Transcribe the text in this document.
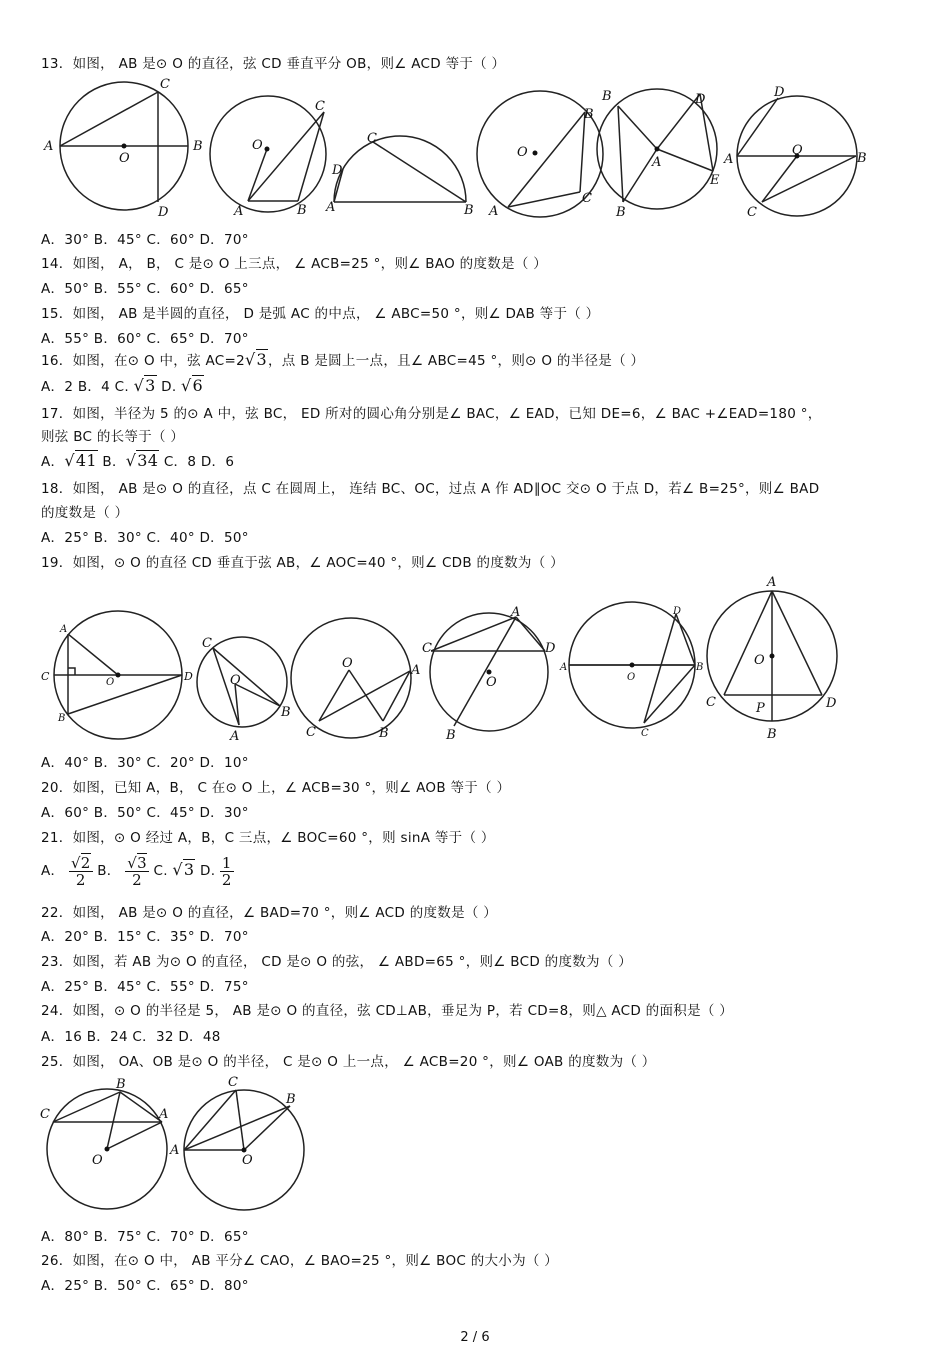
13．如图， AB 是⊙ O 的直径，弦 CD 垂直平分 OB，则∠ ACD 等于（ ）
A
O
B
C
D
O
A	B
C
A	B
C
D
O
A
B
C
B
A
B
D
E
A
O
B
D
C
A．30° B．45° C．60° D．70°
14．如图， A， B， C 是⊙ O 上三点， ∠ ACB=25 °，则∠ BAO 的度数是（ ）
A．50° B．55° C．60° D．65°
15．如图， AB 是半圆的直径， D 是弧 AC 的中点， ∠ ABC=50 °，则∠ DAB 等于（ ）
A．55° B．60° C．65° D．70°
16．如图，在⊙ O 中，弦 AC=2√3，点 B 是圆上一点，且∠ ABC=45 °，则⊙ O 的半径是（ ）
A．2 B．4 C. √3 D. √6
17．如图，半径为 5 的⊙ A 中，弦 BC， ED 所对的圆心角分别是∠ BAC，∠ EAD，已知 DE=6，∠ BAC +∠EAD=180 °，
则弦 BC 的长等于（ ）
A．√41 B．√34 C．8 D．6
18．如图， AB 是⊙ O 的直径，点 C 在圆周上， 连结 BC、OC，过点 A 作 AD∥OC 交⊙ O 于点 D，若∠ B=25°，则∠ BAD
的度数是（ ）
A．25° B．30° C．40° D．50°
19．如图，⊙ O 的直径 CD 垂直于弦 AB，∠ AOC=40 °，则∠ CDB 的度数为（ ）
A
C	O	D
B
C
O
B
A
O	A
C	B
C
A
D
O
B
A
O
B
D
C
A
O
C	D
P
B
A．40° B．30° C．20° D．10°
20．如图，已知 A，B， C 在⊙ O 上，∠ ACB=30 °，则∠ AOB 等于（ ）
A．60° B．50° C．45° D．30°
21．如图，⊙ O 经过 A，B，C 三点，∠ BOC=60 °，则 sinA 等于（ ）
A． $\frac{√2}{2}$ B． $\frac{√3}{2} C$. √3 D. $\frac{1}{2}$
22．如图， AB 是⊙ O 的直径，∠ BAD=70 °，则∠ ACD 的度数是（ ）
A．20° B．15° C．35° D．70°
23．如图，若 AB 为⊙ O 的直径， CD 是⊙ O 的弦， ∠ ABD=65 °，则∠ BCD 的度数为（ ）
A．25° B．45° C．55° D．75°
24．如图，⊙ O 的半径是 5， AB 是⊙ O 的直径，弦 CD⊥AB，垂足为 P，若 CD=8，则△ ACD 的面积是（ ）
A．16 B．24 C．32 D．48
25．如图， OA、OB 是⊙ O 的半径， C 是⊙ O 上一点， ∠ ACB=20 °，则∠ OAB 的度数为（ ）
C
B
A
O
A
C
B
O
A．80° B．75° C．70° D．65°
26．如图，在⊙ O 中， AB 平分∠ CAO，∠ BAO=25 °，则∠ BOC 的大小为（ ）
A．25° B．50° C．65° D．80°
2 / 6
